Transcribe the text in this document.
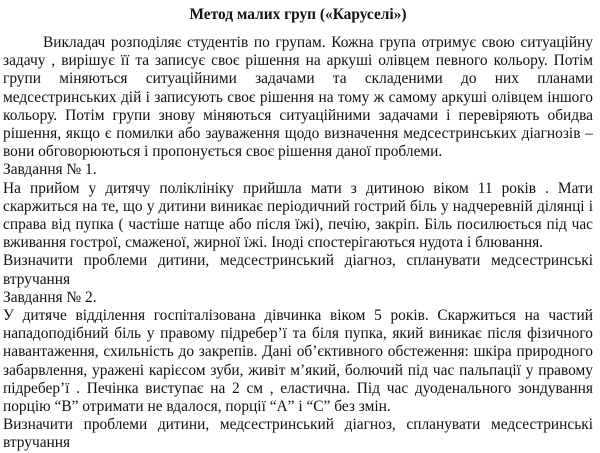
Метод малих груп («Каруселі»)

Викладач розподіляє студентів по групам. Кожна група отримує свою ситуаційну задачу , вирішує її та записує своє рішення на аркуші олівцем певного кольору. Потім групи міняються ситуаційними задачами та складеними до них планами медсестринських дій і записують своє рішення на тому ж самому аркуші олівцем іншого кольору. Потім групи знову міняються ситуаційними задачами і перевіряють обидва рішення, якщо є помилки або зауваження щодо визначення медсестринських діагнозів – вони обговорюються і пропонується своє рішення даної проблеми.

Завдання № 1.

На прийом у дитячу поліклініку прийшла мати з дитиною віком 11 років . Мати скаржиться на те, що у дитини виникає періодичний гострий біль у надчеревній ділянці і справа від пупка ( частіше натще або після їжі), печію, закріп. Біль посилюється під час вживання гострої, смаженої, жирної їжі. Іноді спостерігаються нудота і блювання.

Визначити проблеми дитини, медсестринський діагноз, спланувати медсестринські втручання

Завдання № 2.

У дитяче відділення госпіталізована дівчинка віком 5 років. Скаржиться на частий нападоподібний біль у правому підребер’ї та біля пупка, який виникає після фізичного навантаження, схильність до закрепів. Дані об’єктивного обстеження: шкіра природного забарвлення, уражені карієсом зуби, живіт м’який, болючий під час пальпації у правому підребер’ї . Печінка виступає на 2 см , еластична. Під час дуоденального зондування порцію “B” отримати не вдалося, порції “A” і “C” без змін.

Визначити проблеми дитини, медсестринський діагноз, спланувати медсестринські втручання
